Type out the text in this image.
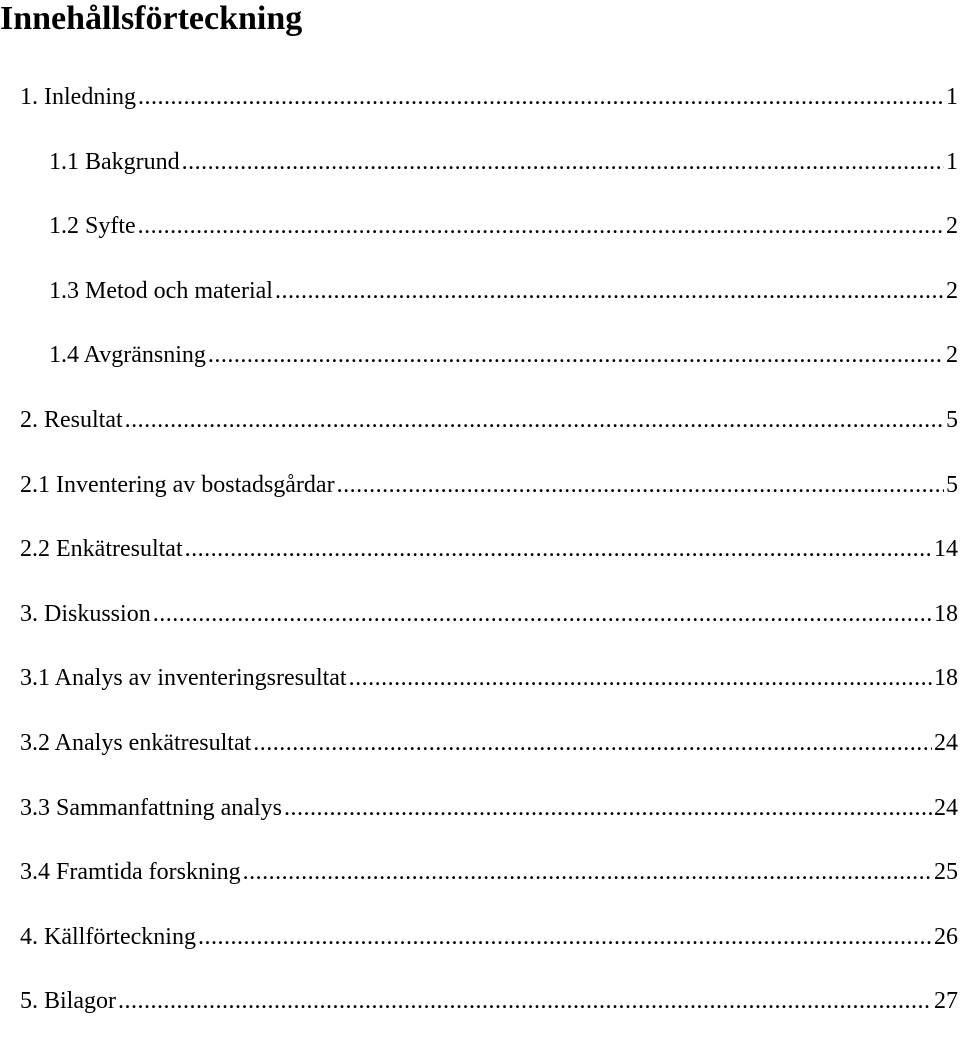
Innehållsförteckning
1. Inledning .....	1
1.1 Bakgrund .....	1
1.2 Syfte .....	2
1.3 Metod och material .....	2
1.4 Avgränsning .....	2
2. Resultat .....	5
2.1 Inventering av bostadsgårdar .....	5
2.2 Enkätresultat .....	14
3. Diskussion .....	18
3.1 Analys av inventeringsresultat .....	18
3.2 Analys enkätresultat .....	24
3.3 Sammanfattning analys .....	24
3.4 Framtida forskning .....	25
4. Källförteckning .....	26
5. Bilagor .....	27
